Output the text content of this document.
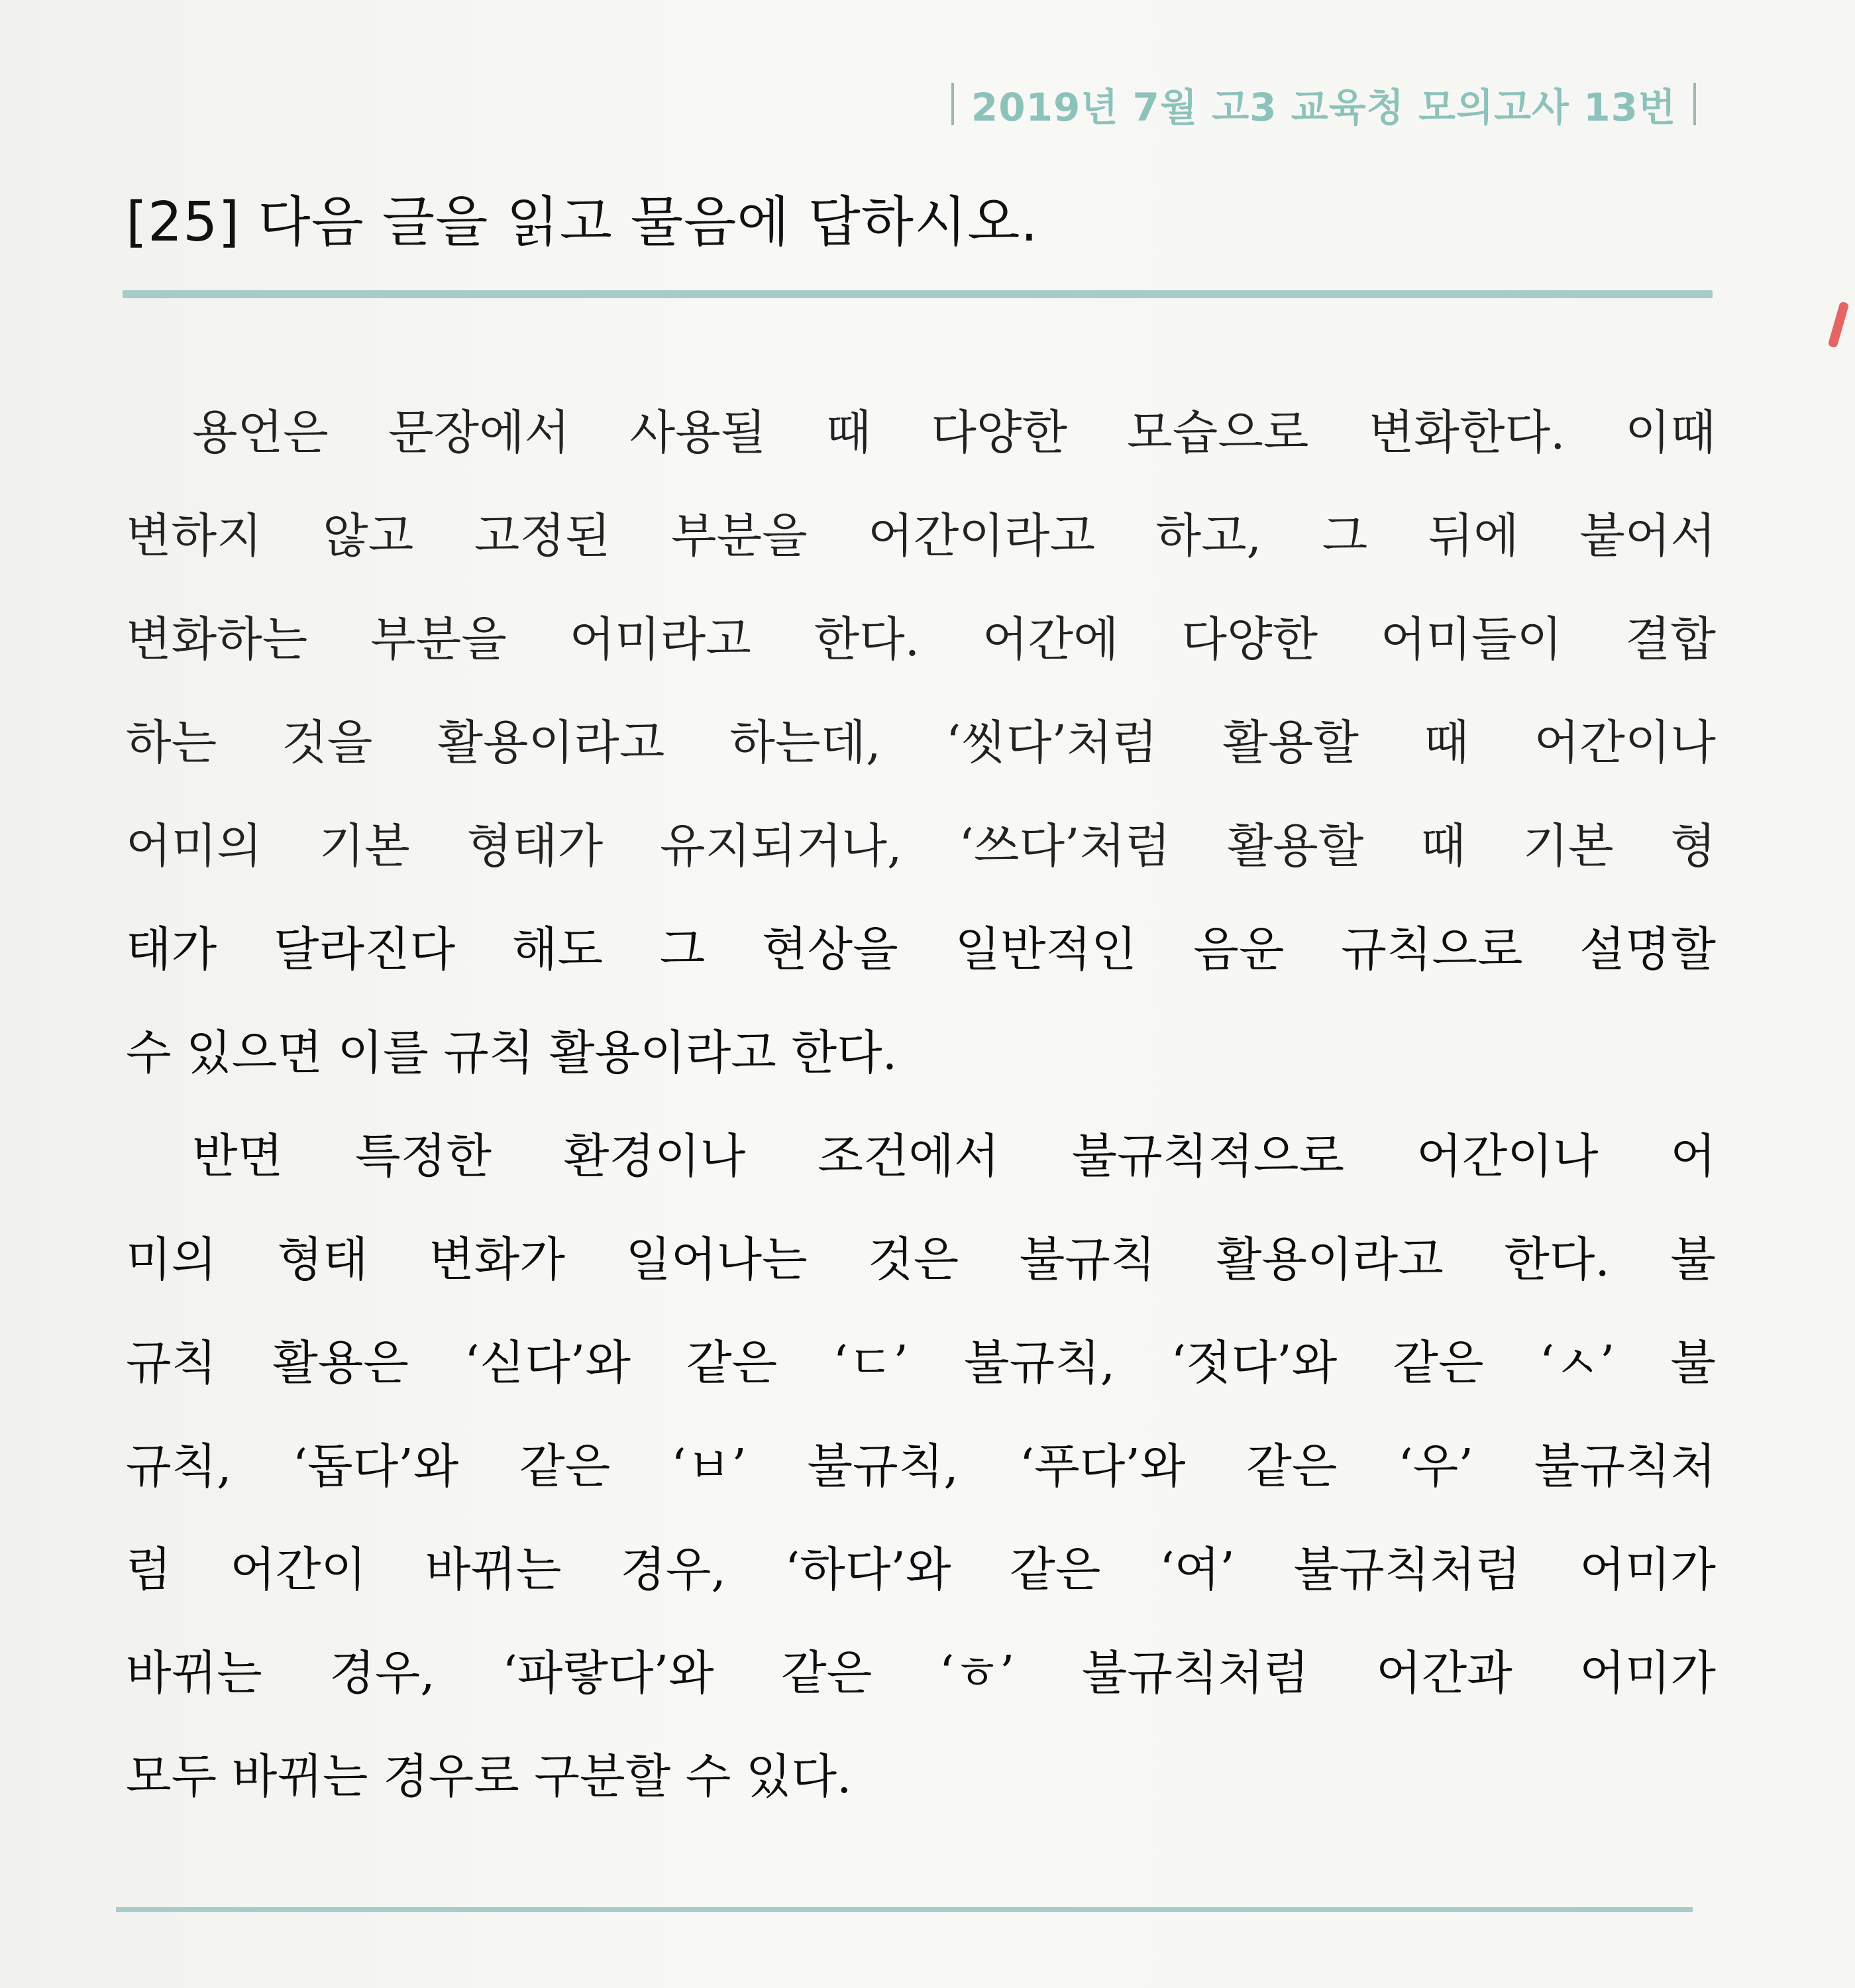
2019년 7월 고3 교육청 모의고사 13번
[25] 다음 글을 읽고 물음에 답하시오.
용언은 문장에서 사용될 때 다양한 모습으로 변화한다. 이때
변하지 않고 고정된 부분을 어간이라고 하고, 그 뒤에 붙어서
변화하는 부분을 어미라고 한다. 어간에 다양한 어미들이 결합
하는 것을 활용이라고 하는데, ‘씻다’처럼 활용할 때 어간이나
어미의 기본 형태가 유지되거나, ‘쓰다’처럼 활용할 때 기본 형
태가 달라진다 해도 그 현상을 일반적인 음운 규칙으로 설명할
수 있으면 이를 규칙 활용이라고 한다.
반면 특정한 환경이나 조건에서 불규칙적으로 어간이나 어
미의 형태 변화가 일어나는 것은 불규칙 활용이라고 한다. 불
규칙 활용은 ‘싣다’와 같은 ‘ㄷ’ 불규칙, ‘젓다’와 같은 ‘ㅅ’ 불
규칙, ‘돕다’와 같은 ‘ㅂ’ 불규칙, ‘푸다’와 같은 ‘우’ 불규칙처
럼 어간이 바뀌는 경우, ‘하다’와 같은 ‘여’ 불규칙처럼 어미가
바뀌는 경우, ‘파랗다’와 같은 ‘ㅎ’ 불규칙처럼 어간과 어미가
모두 바뀌는 경우로 구분할 수 있다.
